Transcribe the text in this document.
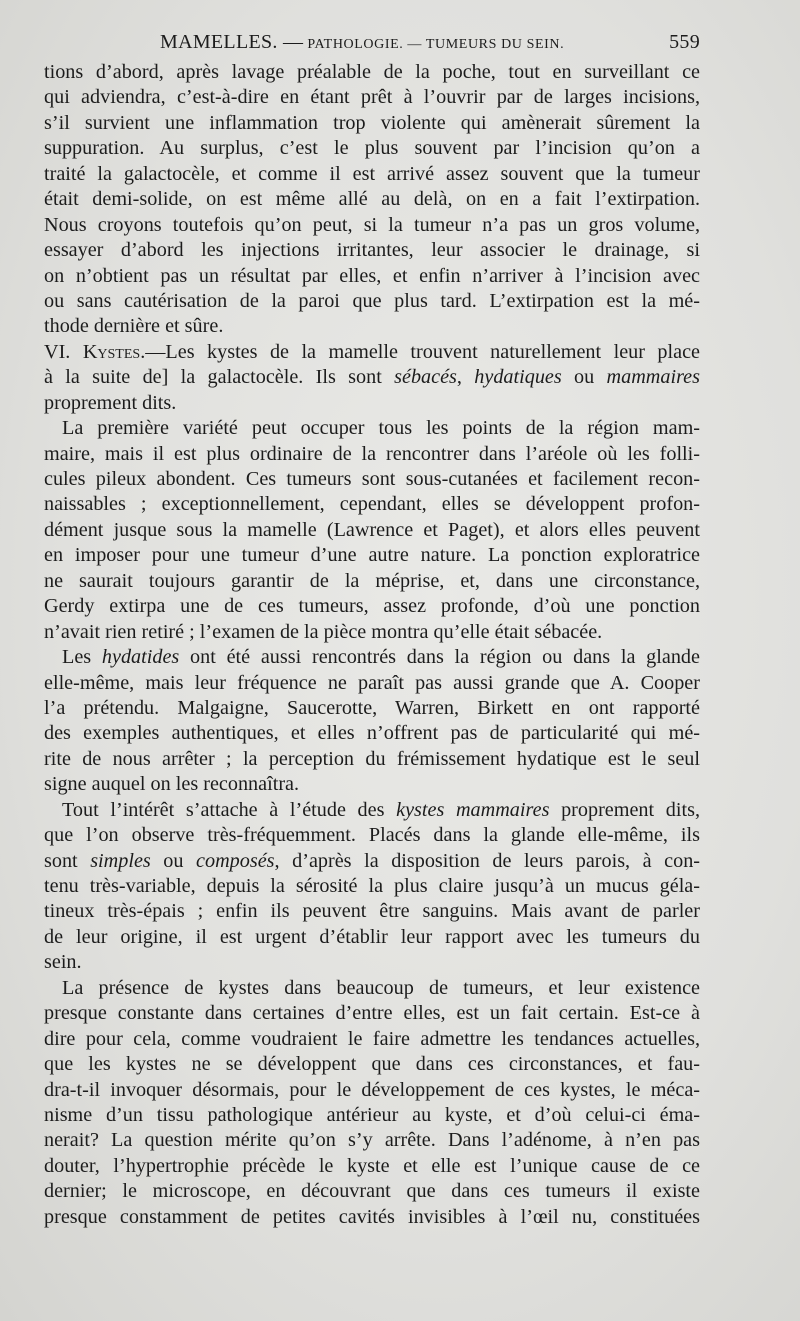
MAMELLES. — PATHOLOGIE. — TUMEURS DU SEIN.	559
tions d’abord, après lavage préalable de la poche, tout en surveillant ce
qui adviendra, c’est-à-dire en étant prêt à l’ouvrir par de larges incisions,
s’il survient une inflammation trop violente qui amènerait sûrement la
suppuration. Au surplus, c’est le plus souvent par l’incision qu’on a
traité la galactocèle, et comme il est arrivé assez souvent que la tumeur
était demi-solide, on est même allé au delà, on en a fait l’extirpation.
Nous croyons toutefois qu’on peut, si la tumeur n’a pas un gros volume,
essayer d’abord les injections irritantes, leur associer le drainage, si
on n’obtient pas un résultat par elles, et enfin n’arriver à l’incision avec
ou sans cautérisation de la paroi que plus tard. L’extirpation est la mé-
thode dernière et sûre.
VI. Kystes.—Les kystes de la mamelle trouvent naturellement leur place
à la suite de] la galactocèle. Ils sont sébacés, hydatiques ou mammaires
proprement dits.
La première variété peut occuper tous les points de la région mam-
maire, mais il est plus ordinaire de la rencontrer dans l’aréole où les folli-
cules pileux abondent. Ces tumeurs sont sous-cutanées et facilement recon-
naissables ; exceptionnellement, cependant, elles se développent profon-
dément jusque sous la mamelle (Lawrence et Paget), et alors elles peuvent
en imposer pour une tumeur d’une autre nature. La ponction exploratrice
ne saurait toujours garantir de la méprise, et, dans une circonstance,
Gerdy extirpa une de ces tumeurs, assez profonde, d’où une ponction
n’avait rien retiré ; l’examen de la pièce montra qu’elle était sébacée.
Les hydatides ont été aussi rencontrés dans la région ou dans la glande
elle-même, mais leur fréquence ne paraît pas aussi grande que A. Cooper
l’a prétendu. Malgaigne, Saucerotte, Warren, Birkett en ont rapporté
des exemples authentiques, et elles n’offrent pas de particularité qui mé-
rite de nous arrêter ; la perception du frémissement hydatique est le seul
signe auquel on les reconnaîtra.
Tout l’intérêt s’attache à l’étude des kystes mammaires proprement dits,
que l’on observe très-fréquemment. Placés dans la glande elle-même, ils
sont simples ou composés, d’après la disposition de leurs parois, à con-
tenu très-variable, depuis la sérosité la plus claire jusqu’à un mucus géla-
tineux très-épais ; enfin ils peuvent être sanguins. Mais avant de parler
de leur origine, il est urgent d’établir leur rapport avec les tumeurs du
sein.
La présence de kystes dans beaucoup de tumeurs, et leur existence
presque constante dans certaines d’entre elles, est un fait certain. Est-ce à
dire pour cela, comme voudraient le faire admettre les tendances actuelles,
que les kystes ne se développent que dans ces circonstances, et fau-
dra-t-il invoquer désormais, pour le développement de ces kystes, le méca-
nisme d’un tissu pathologique antérieur au kyste, et d’où celui-ci éma-
nerait? La question mérite qu’on s’y arrête. Dans l’adénome, à n’en pas
douter, l’hypertrophie précède le kyste et elle est l’unique cause de ce
dernier; le microscope, en découvrant que dans ces tumeurs il existe
presque constamment de petites cavités invisibles à l’œil nu, constituées
